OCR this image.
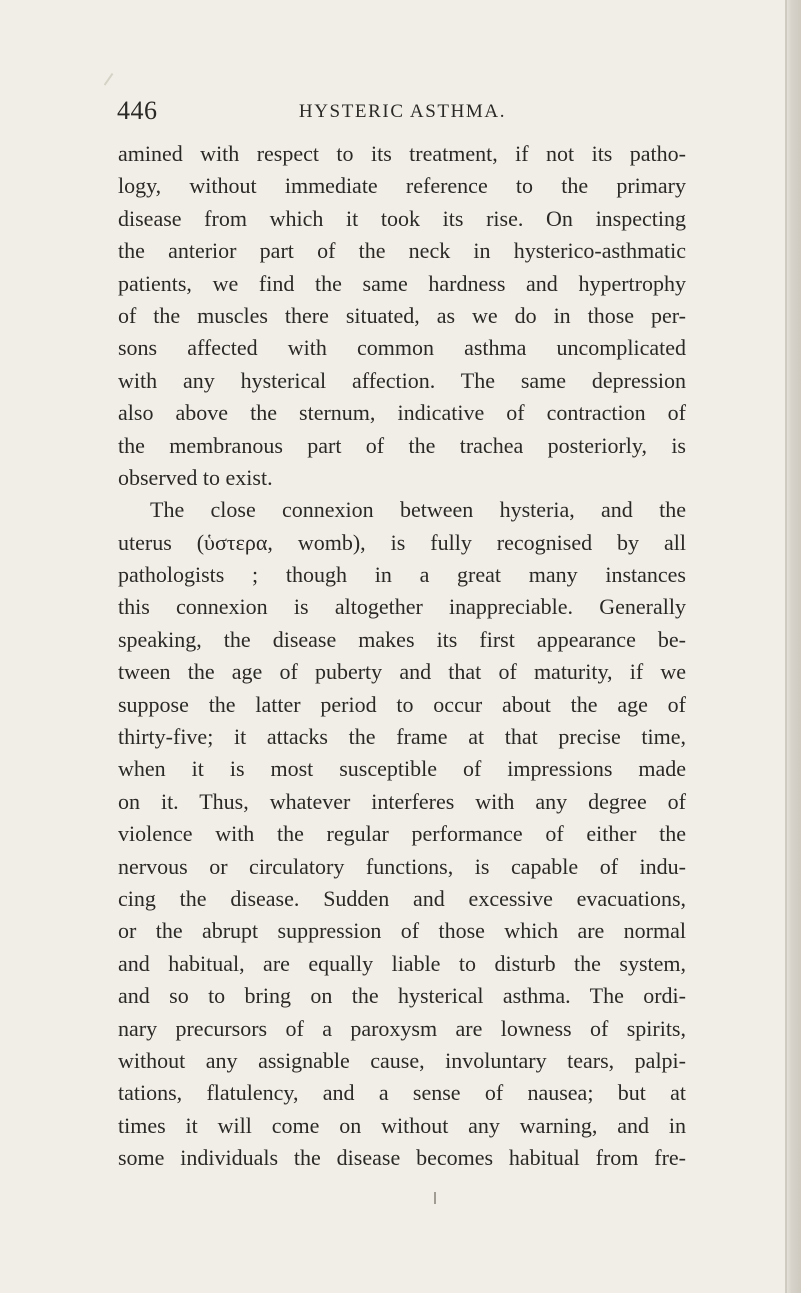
446	HYSTERIC ASTHMA.
amined with respect to its treatment, if not its patho-
logy, without immediate reference to the primary
disease from which it took its rise. On inspecting
the anterior part of the neck in hysterico-asthmatic
patients, we find the same hardness and hypertrophy
of the muscles there situated, as we do in those per-
sons affected with common asthma uncomplicated
with any hysterical affection. The same depression
also above the sternum, indicative of contraction of
the membranous part of the trachea posteriorly, is
observed to exist.
The close connexion between hysteria, and the
uterus (ὑστερα, womb), is fully recognised by all
pathologists ; though in a great many instances
this connexion is altogether inappreciable. Generally
speaking, the disease makes its first appearance be-
tween the age of puberty and that of maturity, if we
suppose the latter period to occur about the age of
thirty-five; it attacks the frame at that precise time,
when it is most susceptible of impressions made
on it. Thus, whatever interferes with any degree of
violence with the regular performance of either the
nervous or circulatory functions, is capable of indu-
cing the disease. Sudden and excessive evacuations,
or the abrupt suppression of those which are normal
and habitual, are equally liable to disturb the system,
and so to bring on the hysterical asthma. The ordi-
nary precursors of a paroxysm are lowness of spirits,
without any assignable cause, involuntary tears, palpi-
tations, flatulency, and a sense of nausea; but at
times it will come on without any warning, and in
some individuals the disease becomes habitual from fre-
